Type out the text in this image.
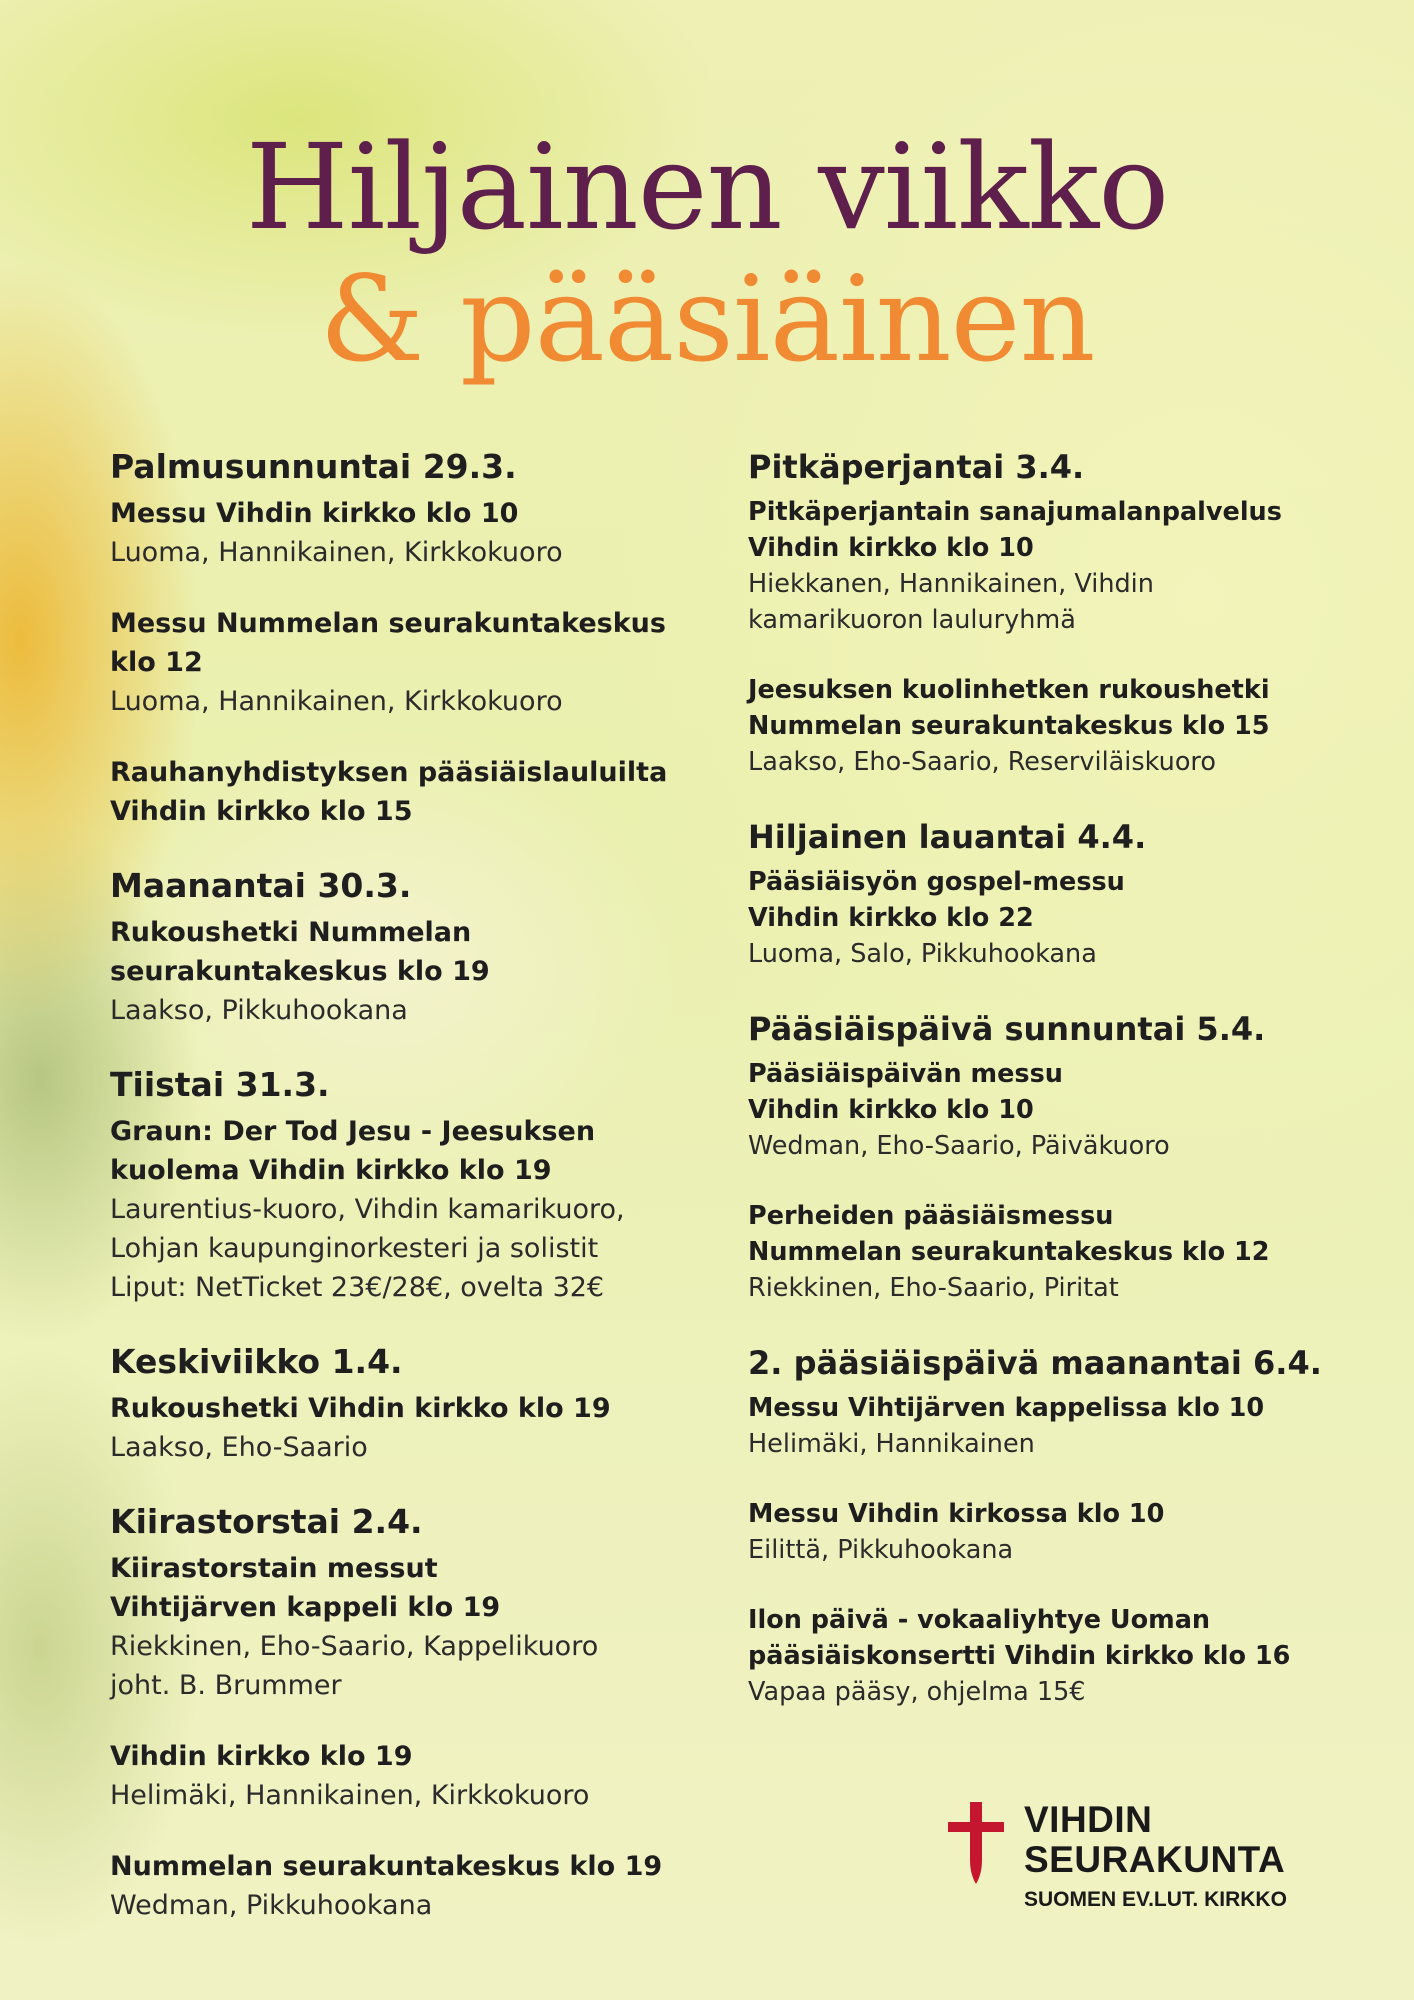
Hiljainen viikko
& pääsiäinen
Palmusunnuntai 29.3.
Messu Vihdin kirkko klo 10
Luoma, Hannikainen, Kirkkokuoro
Messu Nummelan seurakuntakeskus
klo 12
Luoma, Hannikainen, Kirkkokuoro
Rauhanyhdistyksen pääsiäislauluilta
Vihdin kirkko klo 15
Maanantai 30.3.
Rukoushetki Nummelan
seurakuntakeskus klo 19
Laakso, Pikkuhookana
Tiistai 31.3.
Graun: Der Tod Jesu - Jeesuksen
kuolema Vihdin kirkko klo 19
Laurentius-kuoro, Vihdin kamarikuoro,
Lohjan kaupunginorkesteri ja solistit
Liput: NetTicket 23€/28€, ovelta 32€
Keskiviikko 1.4.
Rukoushetki Vihdin kirkko klo 19
Laakso, Eho-Saario
Kiirastorstai 2.4.
Kiirastorstain messut
Vihtijärven kappeli klo 19
Riekkinen, Eho-Saario, Kappelikuoro
joht. B. Brummer
Vihdin kirkko klo 19
Helimäki, Hannikainen, Kirkkokuoro
Nummelan seurakuntakeskus klo 19
Wedman, Pikkuhookana
Pitkäperjantai 3.4.
Pitkäperjantain sanajumalanpalvelus
Vihdin kirkko klo 10
Hiekkanen, Hannikainen, Vihdin
kamarikuoron lauluryhmä
Jeesuksen kuolinhetken rukoushetki
Nummelan seurakuntakeskus klo 15
Laakso, Eho-Saario, Reserviläiskuoro
Hiljainen lauantai 4.4.
Pääsiäisyön gospel-messu
Vihdin kirkko klo 22
Luoma, Salo, Pikkuhookana
Pääsiäispäivä sunnuntai 5.4.
Pääsiäispäivän messu
Vihdin kirkko klo 10
Wedman, Eho-Saario, Päiväkuoro
Perheiden pääsiäismessu
Nummelan seurakuntakeskus klo 12
Riekkinen, Eho-Saario, Piritat
2. pääsiäispäivä maanantai 6.4.
Messu Vihtijärven kappelissa klo 10
Helimäki, Hannikainen
Messu Vihdin kirkossa klo 10
Eilittä, Pikkuhookana
Ilon päivä - vokaaliyhtye Uoman
pääsiäiskonsertti Vihdin kirkko klo 16
Vapaa pääsy, ohjelma 15€
VIHDIN
SEURAKUNTA
SUOMEN EV.LUT. KIRKKO
